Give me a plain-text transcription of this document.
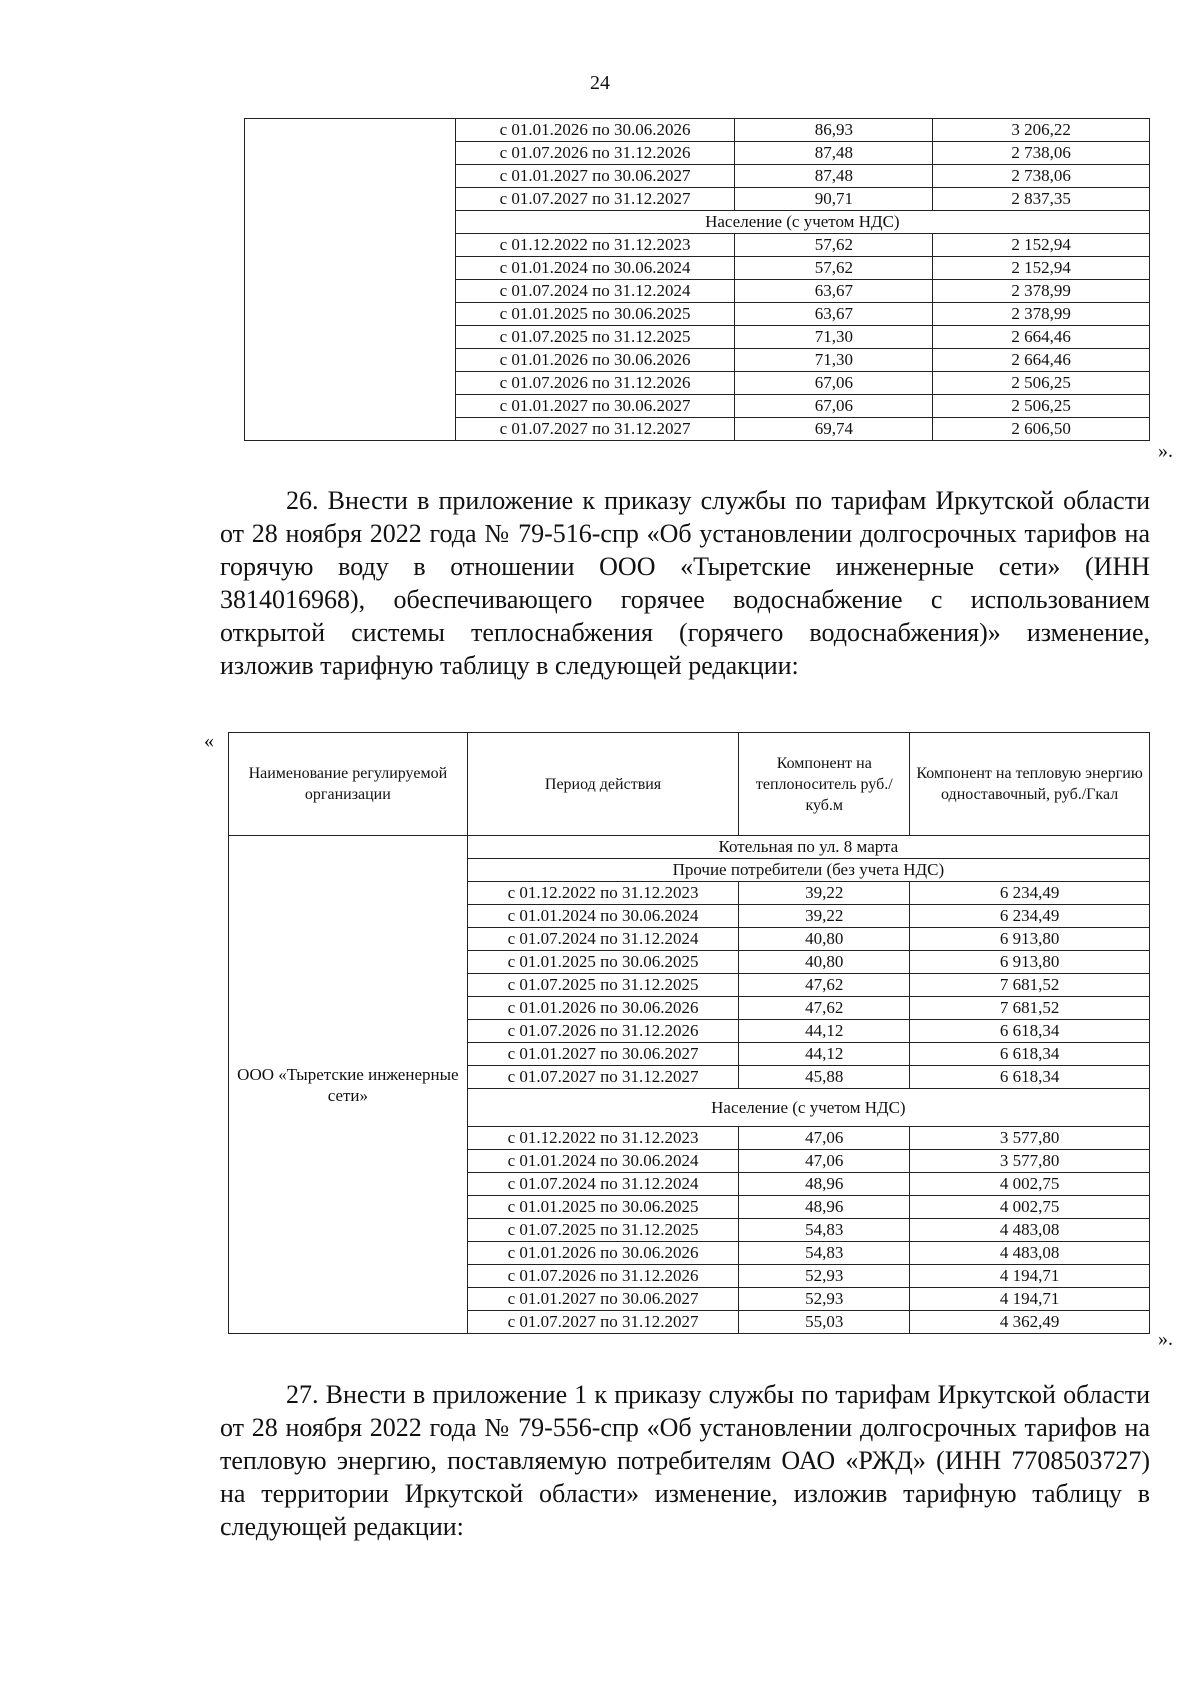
24
	с 01.01.2026 по 30.06.2026	86,93	3 206,22
	с 01.07.2026 по 31.12.2026	87,48	2 738,06
	с 01.01.2027 по 30.06.2027	87,48	2 738,06
	с 01.07.2027 по 31.12.2027	90,71	2 837,35
	Население (с учетом НДС)		
	с 01.12.2022 по 31.12.2023	57,62	2 152,94
	с 01.01.2024 по 30.06.2024	57,62	2 152,94
	с 01.07.2024 по 31.12.2024	63,67	2 378,99
	с 01.01.2025 по 30.06.2025	63,67	2 378,99
	с 01.07.2025 по 31.12.2025	71,30	2 664,46
	с 01.01.2026 по 30.06.2026	71,30	2 664,46
	с 01.07.2026 по 31.12.2026	67,06	2 506,25
	с 01.01.2027 по 30.06.2027	67,06	2 506,25
	с 01.07.2027 по 31.12.2027	69,74	2 606,50
».

26. Внести в приложение к приказу службы по тарифам Иркутской области от 28 ноября 2022 года № 79-516-спр «Об установлении долгосрочных тарифов на горячую воду в отношении ООО «Тыретские инженерные сети» (ИНН 3814016968), обеспечивающего горячее водоснабжение с использованием открытой системы теплоснабжения (горячего водоснабжения)» изменение, изложив тарифную таблицу в следующей редакции:

«
Наименование регулируемой организации	Период действия	Компонент на теплоноситель руб./куб.м	Компонент на тепловую энергию одноставочный, руб./Гкал
ООО «Тыретские инженерные сети»	Котельная по ул. 8 марта		
	Прочие потребители (без учета НДС)		
	с 01.12.2022 по 31.12.2023	39,22	6 234,49
	с 01.01.2024 по 30.06.2024	39,22	6 234,49
	с 01.07.2024 по 31.12.2024	40,80	6 913,80
	с 01.01.2025 по 30.06.2025	40,80	6 913,80
	с 01.07.2025 по 31.12.2025	47,62	7 681,52
	с 01.01.2026 по 30.06.2026	47,62	7 681,52
	с 01.07.2026 по 31.12.2026	44,12	6 618,34
	с 01.01.2027 по 30.06.2027	44,12	6 618,34
	с 01.07.2027 по 31.12.2027	45,88	6 618,34
	Население (с учетом НДС)		
	с 01.12.2022 по 31.12.2023	47,06	3 577,80
	с 01.01.2024 по 30.06.2024	47,06	3 577,80
	с 01.07.2024 по 31.12.2024	48,96	4 002,75
	с 01.01.2025 по 30.06.2025	48,96	4 002,75
	с 01.07.2025 по 31.12.2025	54,83	4 483,08
	с 01.01.2026 по 30.06.2026	54,83	4 483,08
	с 01.07.2026 по 31.12.2026	52,93	4 194,71
	с 01.01.2027 по 30.06.2027	52,93	4 194,71
	с 01.07.2027 по 31.12.2027	55,03	4 362,49
».

27. Внести в приложение 1 к приказу службы по тарифам Иркутской области от 28 ноября 2022 года № 79-556-спр «Об установлении долгосрочных тарифов на тепловую энергию, поставляемую потребителям ОАО «РЖД» (ИНН 7708503727) на территории Иркутской области» изменение, изложив тарифную таблицу в следующей редакции:
